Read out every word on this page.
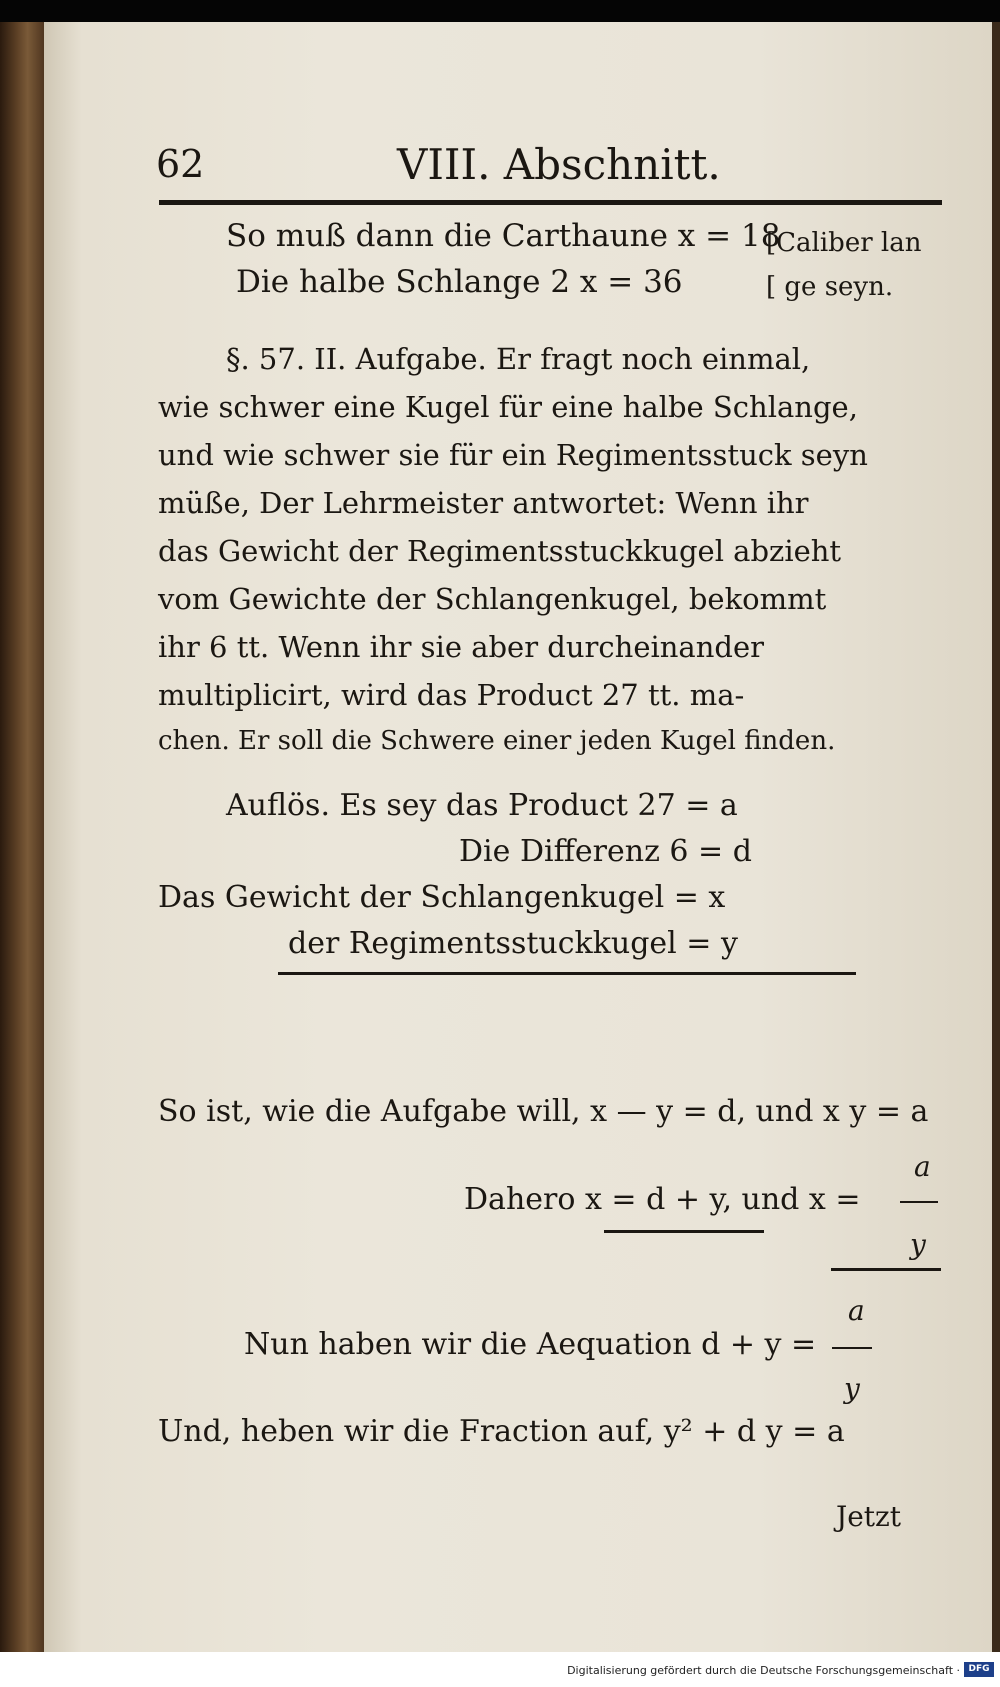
62	VIII. Abschnitt.
So muß dann die Carthaune x = 18
Die halbe Schlange 2 x = 36
[Caliber lan
[ ge seyn.
§. 57. II. Aufgabe. Er fragt noch einmal,
wie schwer eine Kugel für eine halbe Schlange,
und wie schwer sie für ein Regimentsstuck seyn
müße, Der Lehrmeister antwortet: Wenn ihr
das Gewicht der Regimentsstuckkugel abzieht
vom Gewichte der Schlangenkugel, bekommt
ihr 6 tt. Wenn ihr sie aber durcheinander
multiplicirt, wird das Product 27 tt. ma-
chen. Er soll die Schwere einer jeden Kugel finden.
Auflös. Es sey das Product 27 = a
Die Differenz 6 = d
Das Gewicht der Schlangenkugel = x
der Regimentsstuckkugel = y
So ist, wie die Aufgabe will, x — y = d, und x y = a
Dahero x = d + y, und x =
a
y
Nun haben wir die Aequation d + y =
a
y
Und, heben wir die Fraction auf, y² + d y = a
Jetzt
Digitalisierung gefördert durch die Deutsche Forschungsgemeinschaft · DFG
